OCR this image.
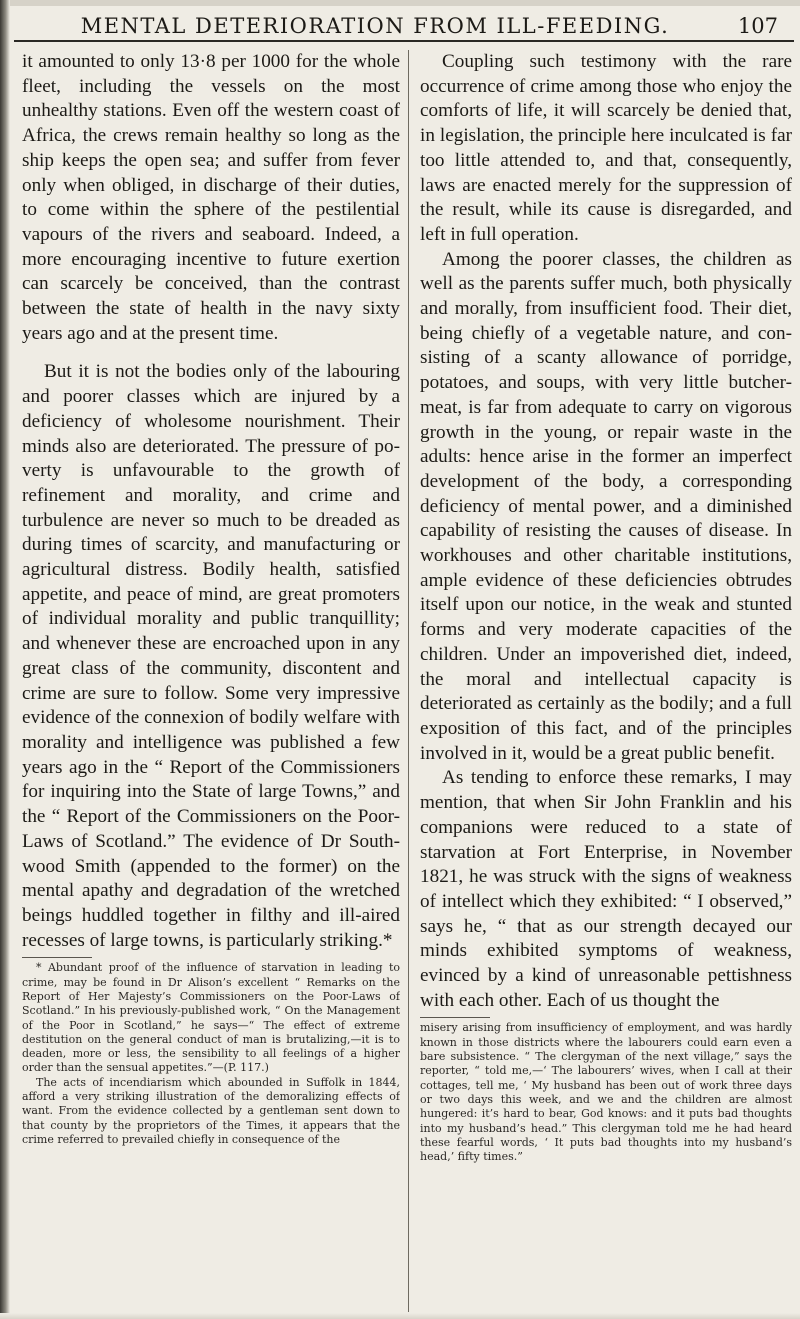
MENTAL DETERIORATION FROM ILL-FEEDING.	107

it amounted to only 13·8 per 1000 for the whole fleet, including the vessels on the most unhealthy stations. Even off the western coast of Africa, the crews remain healthy so long as the ship keeps the open sea; and suffer from fever only when obliged, in discharge of their duties, to come within the sphere of the pestilential vapours of the rivers and seaboard. Indeed, a more encouraging incentive to future exertion can scarcely be conceived, than the contrast between the state of health in the navy sixty years ago and at the present time.

But it is not the bodies only of the labouring and poorer classes which are injured by a deficiency of wholesome nourishment. Their minds also are deteriorated. The pressure of poverty is unfavourable to the growth of refinement and morality, and crime and turbulence are never so much to be dreaded as during times of scarcity, and manufacturing or agricultural distress. Bodily health, satisfied appetite, and peace of mind, are great promoters of individual morality and public tranquillity; and whenever these are encroached upon in any great class of the community, discontent and crime are sure to follow. Some very impressive evidence of the connexion of bodily welfare with morality and intelligence was published a few years ago in the “ Report of the Commissioners for inquiring into the State of large Towns,” and the “ Report of the Commissioners on the Poor-Laws of Scotland.” The evidence of Dr Southwood Smith (appended to the former) on the mental apathy and degradation of the wretched beings huddled together in filthy and ill-aired recesses of large towns, is particularly striking.*

* Abundant proof of the influence of starvation in leading to crime, may be found in Dr Alison’s excellent “ Remarks on the Report of Her Majesty’s Commissioners on the Poor-Laws of Scotland.” In his previously-published work, “ On the Management of the Poor in Scotland,” he says—“ The effect of extreme destitution on the general conduct of man is brutalizing,—it is to deaden, more or less, the sensibility to all feelings of a higher order than the sensual appetites.”—(P. 117.)

The acts of incendiarism which abounded in Suffolk in 1844, afford a very striking illustration of the demoralizing effects of want. From the evidence collected by a gentleman sent down to that county by the proprietors of the Times, it appears that the crime referred to prevailed chiefly in consequence of the

Coupling such testimony with the rare occurrence of crime among those who enjoy the comforts of life, it will scarcely be denied that, in legislation, the principle here inculcated is far too little attended to, and that, consequently, laws are enacted merely for the suppression of the result, while its cause is disregarded, and left in full operation.

Among the poorer classes, the children as well as the parents suffer much, both physically and morally, from insufficient food. Their diet, being chiefly of a vegetable nature, and consisting of a scanty allowance of porridge, potatoes, and soups, with very little butcher-meat, is far from adequate to carry on vigorous growth in the young, or repair waste in the adults: hence arise in the former an imperfect development of the body, a corresponding deficiency of mental power, and a diminished capability of resisting the causes of disease. In workhouses and other charitable institutions, ample evidence of these deficiencies obtrudes itself upon our notice, in the weak and stunted forms and very moderate capacities of the children. Under an impoverished diet, indeed, the moral and intellectual capacity is deteriorated as certainly as the bodily; and a full exposition of this fact, and of the principles involved in it, would be a great public benefit.

As tending to enforce these remarks, I may mention, that when Sir John Franklin and his companions were reduced to a state of starvation at Fort Enterprise, in November 1821, he was struck with the signs of weakness of intellect which they exhibited: “ I observed,” says he, “ that as our strength decayed our minds exhibited symptoms of weakness, evinced by a kind of unreasonable pettishness with each other. Each of us thought the

misery arising from insufficiency of employment, and was hardly known in those districts where the labourers could earn even a bare subsistence. “ The clergyman of the next village,” says the reporter, “ told me,—‘ The labourers’ wives, when I call at their cottages, tell me, ‘ My husband has been out of work three days or two days this week, and we and the children are almost hungered: it’s hard to bear, God knows: and it puts bad thoughts into my husband’s head.” This clergyman told me he had heard these fearful words, ‘ It puts bad thoughts into my husband’s head,’ fifty times.”
